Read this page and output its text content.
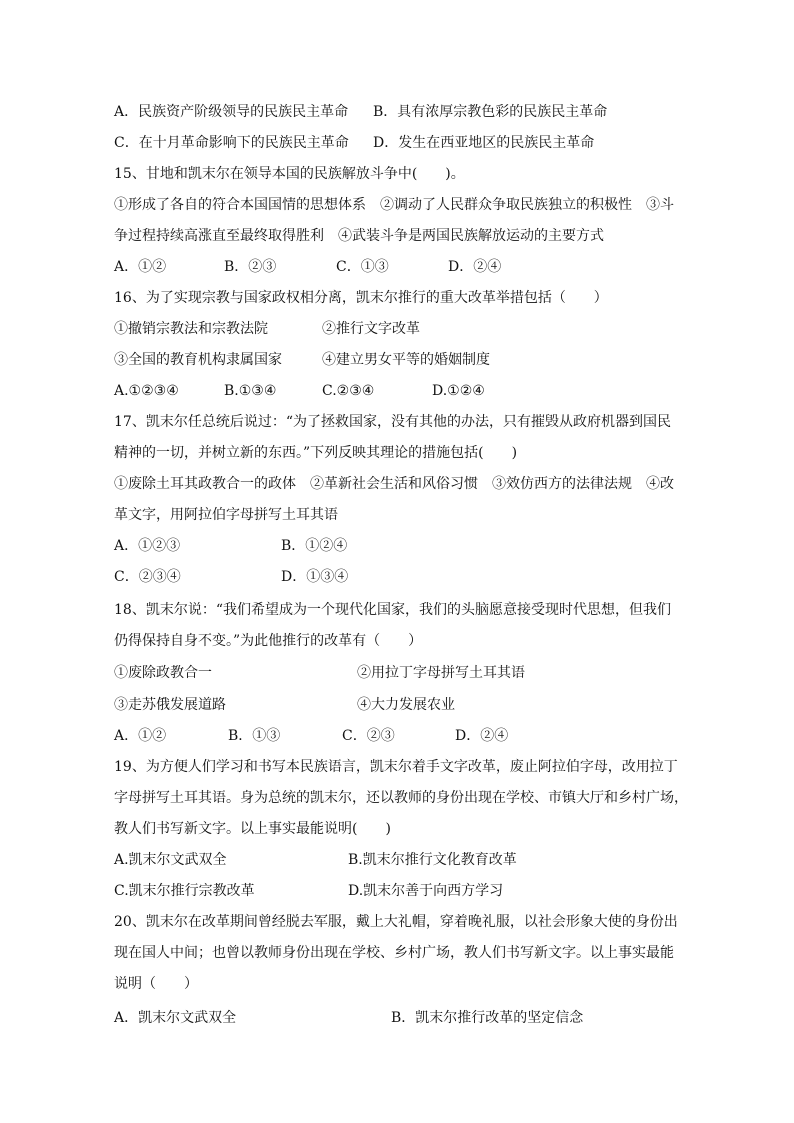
A．民族资产阶级领导的民族民主革命 B．具有浓厚宗教色彩的民族民主革命
C．在十月革命影响下的民族民主革命 D．发生在西亚地区的民族民主革命
15、甘地和凯末尔在领导本国的民族解放斗争中(　　)。
①形成了各自的符合本国国情的思想体系　②调动了人民群众争取民族独立的积极性　③斗
争过程持续高涨直至最终取得胜利　④武装斗争是两国民族解放运动的主要方式
A．①②	B．②③	C．①③	D．②④
16、为了实现宗教与国家政权相分离，凯末尔推行的重大改革举措包括（　　）
①撤销宗教法和宗教法院	②推行文字改革
③全国的教育机构隶属国家	④建立男女平等的婚姻制度
A.①②③④	B.①③④	C.②③④	D.①②④
17、凯末尔任总统后说过：“为了拯救国家，没有其他的办法，只有摧毁从政府机器到国民
精神的一切，并树立新的东西。”下列反映其理论的措施包括(　　)
①废除土耳其政教合一的政体　②革新社会生活和风俗习惯　③效仿西方的法律法规　④改
革文字，用阿拉伯字母拼写土耳其语
A．①②③	B．①②④
C．②③④	D．①③④
18、凯末尔说：“我们希望成为一个现代化国家，我们的头脑愿意接受现时代思想，但我们
仍得保持自身不变。”为此他推行的改革有（　　）
①废除政教合一	②用拉丁字母拼写土耳其语
③走苏俄发展道路	④大力发展农业
A．①②	B．①③	C．②③	D．②④
19、为方便人们学习和书写本民族语言，凯末尔着手文字改革，废止阿拉伯字母，改用拉丁
字母拼写土耳其语。身为总统的凯末尔，还以教师的身份出现在学校、市镇大厅和乡村广场，
教人们书写新文字。以上事实最能说明(　　)
A.凯末尔文武双全	B.凯末尔推行文化教育改革
C.凯末尔推行宗教改革	D.凯末尔善于向西方学习
20、凯末尔在改革期间曾经脱去军服，戴上大礼帽，穿着晚礼服，以社会形象大使的身份出
现在国人中间；也曾以教师身份出现在学校、乡村广场，教人们书写新文字。以上事实最能
说明（　　）
A．凯末尔文武双全	B．凯末尔推行改革的坚定信念
